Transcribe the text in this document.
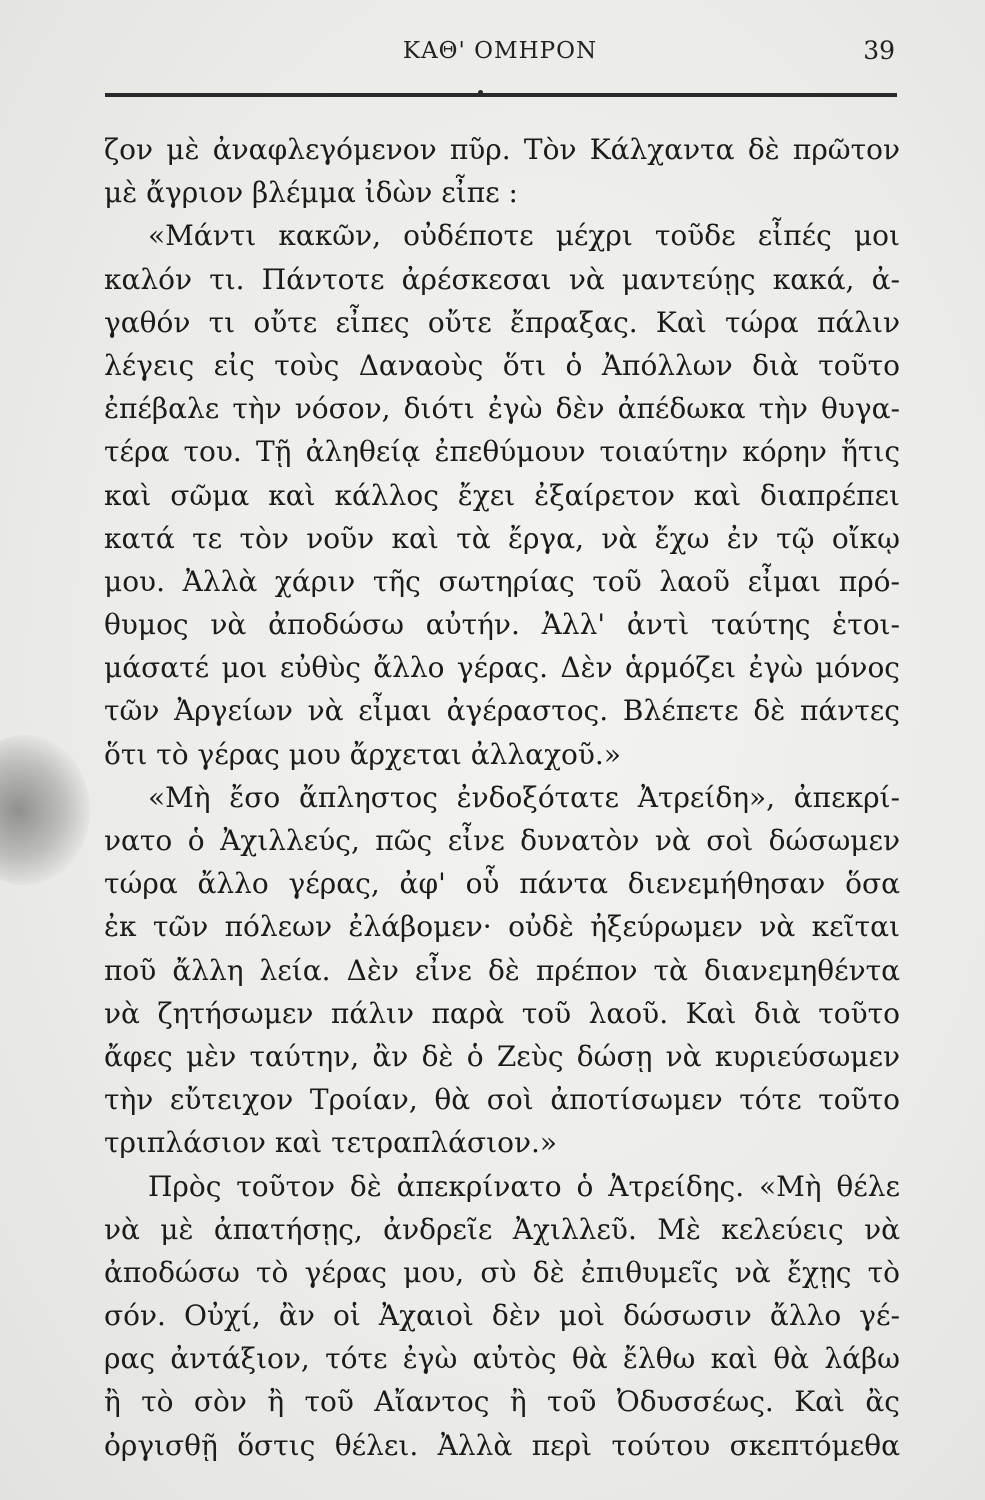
ΚΑΘ' ΟΜΗΡΟΝ	39
ζον μὲ ἀναφλεγόμενον πῦρ. Τὸν Κάλχαντα δὲ πρῶτον
μὲ ἄγριον βλέμμα ἰδὼν εἶπε :
«Μάντι κακῶν, οὐδέποτε μέχρι τοῦδε εἶπές μοι
καλόν τι. Πάντοτε ἀρέσκεσαι νὰ μαντεύῃς κακά, ἀ-
γαθόν τι οὔτε εἶπες οὔτε ἔπραξας. Καὶ τώρα πάλιν
λέγεις εἰς τοὺς Δαναοὺς ὅτι ὁ Ἀπόλλων διὰ τοῦτο
ἐπέβαλε τὴν νόσον, διότι ἐγὼ δὲν ἀπέδωκα τὴν θυγα-
τέρα του. Τῇ ἀληθείᾳ ἐπεθύμουν τοιαύτην κόρην ἥτις
καὶ σῶμα καὶ κάλλος ἔχει ἐξαίρετον καὶ διαπρέπει
κατά τε τὸν νοῦν καὶ τὰ ἔργα, νὰ ἔχω ἐν τῷ οἴκῳ
μου. Ἀλλὰ χάριν τῆς σωτηρίας τοῦ λαοῦ εἶμαι πρό-
θυμος νὰ ἀποδώσω αὐτήν. Ἀλλ' ἀντὶ ταύτης ἑτοι-
μάσατέ μοι εὐθὺς ἄλλο γέρας. Δὲν ἁρμόζει ἐγὼ μόνος
τῶν Ἀργείων νὰ εἶμαι ἀγέραστος. Βλέπετε δὲ πάντες
ὅτι τὸ γέρας μου ἄρχεται ἀλλαχοῦ.»
«Μὴ ἔσο ἄπληστος ἐνδοξότατε Ἀτρείδη», ἀπεκρί-
νατο ὁ Ἀχιλλεύς, πῶς εἶνε δυνατὸν νὰ σοὶ δώσωμεν
τώρα ἄλλο γέρας, ἀφ' οὗ πάντα διενεμήθησαν ὅσα
ἐκ τῶν πόλεων ἐλάβομεν· οὐδὲ ἠξεύρωμεν νὰ κεῖται
ποῦ ἄλλη λεία. Δὲν εἶνε δὲ πρέπον τὰ διανεμηθέντα
νὰ ζητήσωμεν πάλιν παρὰ τοῦ λαοῦ. Καὶ διὰ τοῦτο
ἄφες μὲν ταύτην, ἂν δὲ ὁ Ζεὺς δώσῃ νὰ κυριεύσωμεν
τὴν εὔτειχον Τροίαν, θὰ σοὶ ἀποτίσωμεν τότε τοῦτο
τριπλάσιον καὶ τετραπλάσιον.»
Πρὸς τοῦτον δὲ ἀπεκρίνατο ὁ Ἀτρείδης. «Μὴ θέλε
νὰ μὲ ἀπατήσῃς, ἀνδρεῖε Ἀχιλλεῦ. Μὲ κελεύεις νὰ
ἀποδώσω τὸ γέρας μου, σὺ δὲ ἐπιθυμεῖς νὰ ἔχῃς τὸ
σόν. Οὐχί, ἂν οἱ Ἀχαιοὶ δὲν μοὶ δώσωσιν ἄλλο γέ-
ρας ἀντάξιον, τότε ἐγὼ αὐτὸς θὰ ἔλθω καὶ θὰ λάβω
ἢ τὸ σὸν ἢ τοῦ Αἴαντος ἢ τοῦ Ὀδυσσέως. Καὶ ἂς
ὀργισθῇ ὅστις θέλει. Ἀλλὰ περὶ τούτου σκεπτόμεθα
